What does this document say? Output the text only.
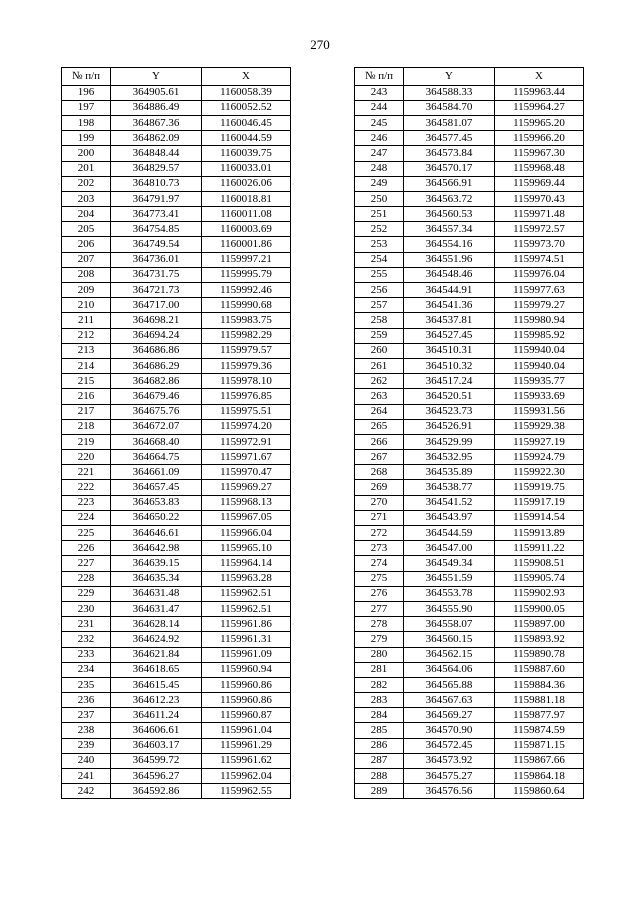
270
№ п/п	Y	X
196	364905.61	1160058.39
197	364886.49	1160052.52
198	364867.36	1160046.45
199	364862.09	1160044.59
200	364848.44	1160039.75
201	364829.57	1160033.01
202	364810.73	1160026.06
203	364791.97	1160018.81
204	364773.41	1160011.08
205	364754.85	1160003.69
206	364749.54	1160001.86
207	364736.01	1159997.21
208	364731.75	1159995.79
209	364721.73	1159992.46
210	364717.00	1159990.68
211	364698.21	1159983.75
212	364694.24	1159982.29
213	364686.86	1159979.57
214	364686.29	1159979.36
215	364682.86	1159978.10
216	364679.46	1159976.85
217	364675.76	1159975.51
218	364672.07	1159974.20
219	364668.40	1159972.91
220	364664.75	1159971.67
221	364661.09	1159970.47
222	364657.45	1159969.27
223	364653.83	1159968.13
224	364650.22	1159967.05
225	364646.61	1159966.04
226	364642.98	1159965.10
227	364639.15	1159964.14
228	364635.34	1159963.28
229	364631.48	1159962.51
230	364631.47	1159962.51
231	364628.14	1159961.86
232	364624.92	1159961.31
233	364621.84	1159961.09
234	364618.65	1159960.94
235	364615.45	1159960.86
236	364612.23	1159960.86
237	364611.24	1159960.87
238	364606.61	1159961.04
239	364603.17	1159961.29
240	364599.72	1159961.62
241	364596.27	1159962.04
242	364592.86	1159962.55
№ п/п	Y	X
243	364588.33	1159963.44
244	364584.70	1159964.27
245	364581.07	1159965.20
246	364577.45	1159966.20
247	364573.84	1159967.30
248	364570.17	1159968.48
249	364566.91	1159969.44
250	364563.72	1159970.43
251	364560.53	1159971.48
252	364557.34	1159972.57
253	364554.16	1159973.70
254	364551.96	1159974.51
255	364548.46	1159976.04
256	364544.91	1159977.63
257	364541.36	1159979.27
258	364537.81	1159980.94
259	364527.45	1159985.92
260	364510.31	1159940.04
261	364510.32	1159940.04
262	364517.24	1159935.77
263	364520.51	1159933.69
264	364523.73	1159931.56
265	364526.91	1159929.38
266	364529.99	1159927.19
267	364532.95	1159924.79
268	364535.89	1159922.30
269	364538.77	1159919.75
270	364541.52	1159917.19
271	364543.97	1159914.54
272	364544.59	1159913.89
273	364547.00	1159911.22
274	364549.34	1159908.51
275	364551.59	1159905.74
276	364553.78	1159902.93
277	364555.90	1159900.05
278	364558.07	1159897.00
279	364560.15	1159893.92
280	364562.15	1159890.78
281	364564.06	1159887.60
282	364565.88	1159884.36
283	364567.63	1159881.18
284	364569.27	1159877.97
285	364570.90	1159874.59
286	364572.45	1159871.15
287	364573.92	1159867.66
288	364575.27	1159864.18
289	364576.56	1159860.64
